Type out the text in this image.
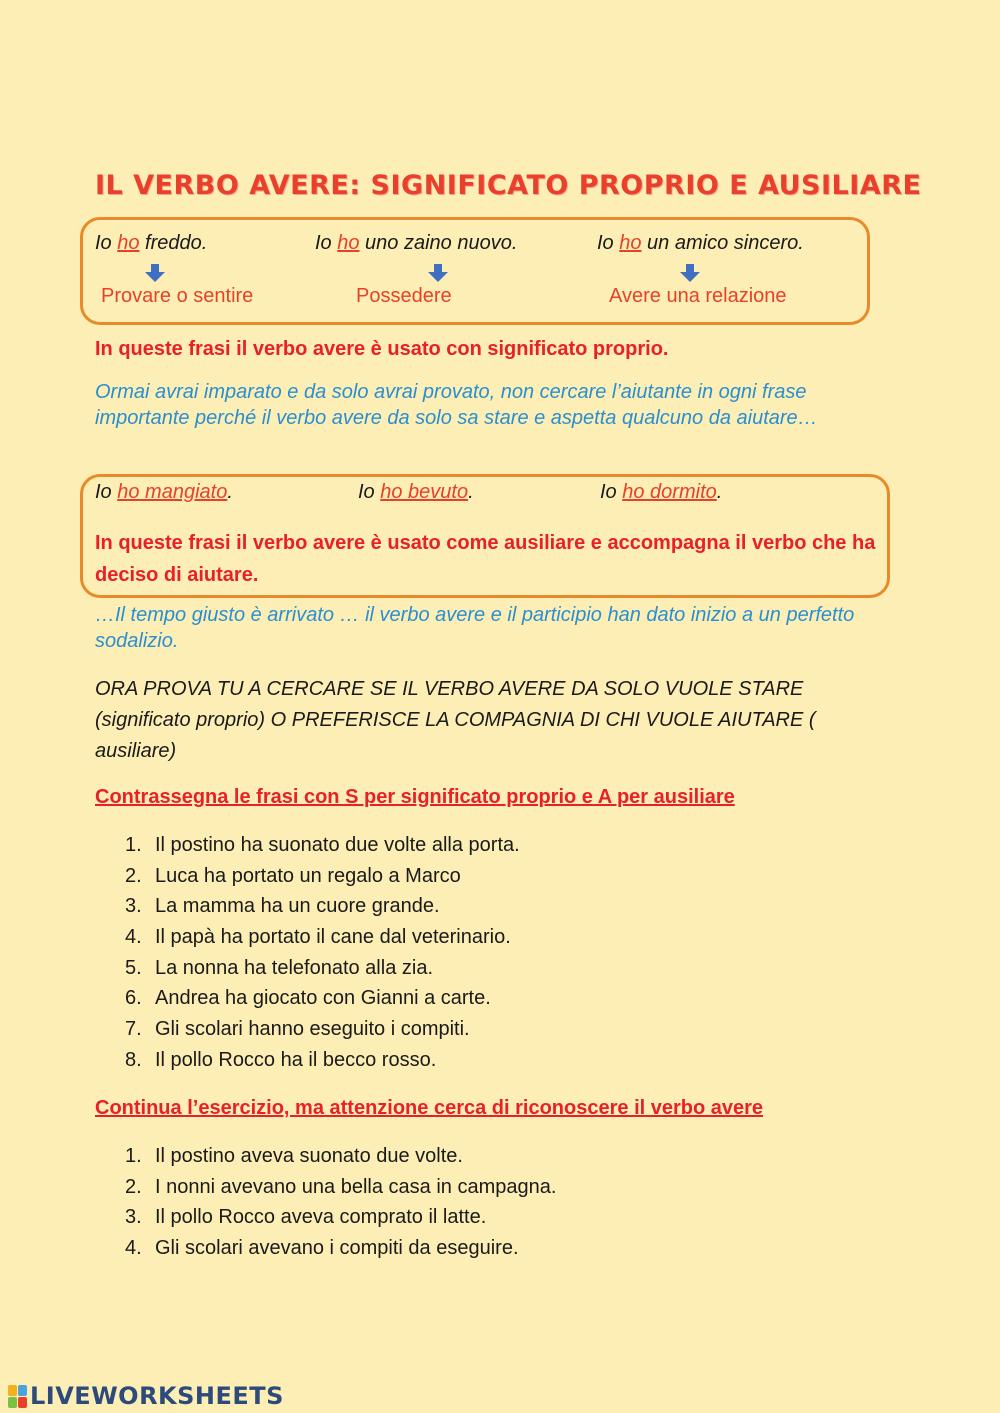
IL VERBO AVERE: SIGNIFICATO PROPRIO E AUSILIARE
Io ho freddo.	Io ho uno zaino nuovo.	Io ho un amico sincero.
Provare o sentire	Possedere	Avere una relazione
In queste frasi il verbo avere è usato con significato proprio.
Ormai avrai imparato e da solo avrai provato, non cercare l’aiutante in ogni frase importante perché il verbo avere da solo sa stare e aspetta qualcuno da aiutare…
Io ho mangiato.	Io ho bevuto.	Io ho dormito.
In queste frasi il verbo avere è usato come ausiliare e accompagna il verbo che ha deciso di aiutare.
…Il tempo giusto è arrivato … il verbo avere e il participio han dato inizio a un perfetto sodalizio.
ORA PROVA TU A CERCARE SE IL VERBO AVERE DA SOLO VUOLE STARE (significato proprio) O PREFERISCE LA COMPAGNIA DI CHI VUOLE AIUTARE ( ausiliare)
Contrassegna le frasi con S per significato proprio e A per ausiliare
1. Il postino ha suonato due volte alla porta.
2. Luca ha portato un regalo a Marco
3. La mamma ha un cuore grande.
4. Il papà ha portato il cane dal veterinario.
5. La nonna ha telefonato alla zia.
6. Andrea ha giocato con Gianni a carte.
7. Gli scolari hanno eseguito i compiti.
8. Il pollo Rocco ha il becco rosso.
Continua l’esercizio, ma attenzione cerca di riconoscere il verbo avere
1. Il postino aveva suonato due volte.
2. I nonni avevano una bella casa in campagna.
3. Il pollo Rocco aveva comprato il latte.
4. Gli scolari avevano i compiti da eseguire.
LIVEWORKSHEETS
